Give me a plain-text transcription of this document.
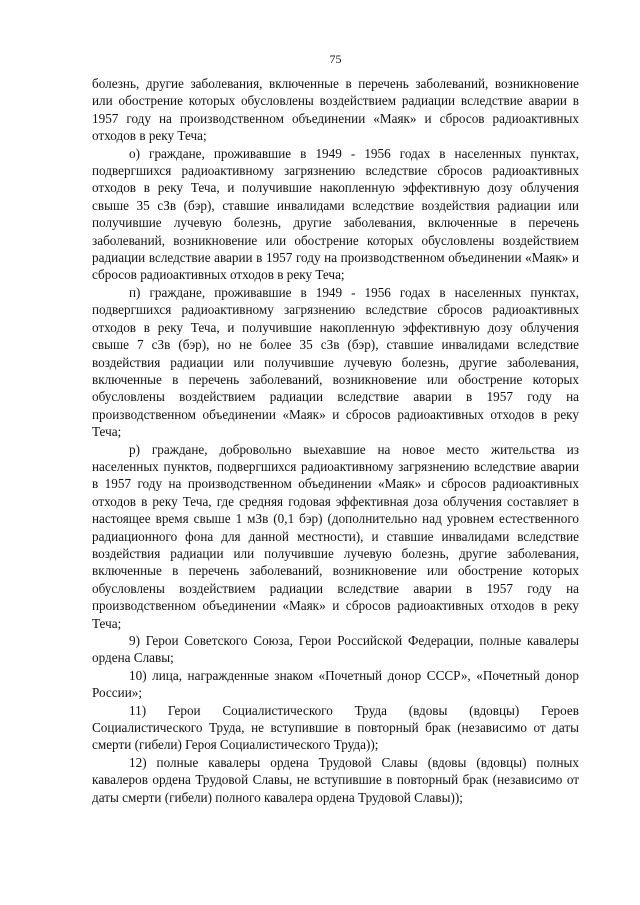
75

болезнь, другие заболевания, включенные в перечень заболеваний, возникновение или обострение которых обусловлены воздействием радиации вследствие аварии в 1957 году на производственном объединении «Маяк» и сбросов радиоактивных отходов в реку Теча;

о) граждане, проживавшие в 1949 - 1956 годах в населенных пунктах, подвергшихся радиоактивному загрязнению вследствие сбросов радиоактивных отходов в реку Теча, и получившие накопленную эффективную дозу облучения свыше 35 сЗв (бэр), ставшие инвалидами вследствие воздействия радиации или получившие лучевую болезнь, другие заболевания, включенные в перечень заболеваний, возникновение или обострение которых обусловлены воздействием радиации вследствие аварии в 1957 году на производственном объединении «Маяк» и сбросов радиоактивных отходов в реку Теча;

п) граждане, проживавшие в 1949 - 1956 годах в населенных пунктах, подвергшихся радиоактивному загрязнению вследствие сбросов радиоактивных отходов в реку Теча, и получившие накопленную эффективную дозу облучения свыше 7 сЗв (бэр), но не более 35 сЗв (бэр), ставшие инвалидами вследствие воздействия радиации или получившие лучевую болезнь, другие заболевания, включенные в перечень заболеваний, возникновение или обострение которых обусловлены воздействием радиации вследствие аварии в 1957 году на производственном объединении «Маяк» и сбросов радиоактивных отходов в реку Теча;

р) граждане, добровольно выехавшие на новое место жительства из населенных пунктов, подвергшихся радиоактивному загрязнению вследствие аварии в 1957 году на производственном объединении «Маяк» и сбросов радиоактивных отходов в реку Теча, где средняя годовая эффективная доза облучения составляет в настоящее время свыше 1 мЗв (0,1 бэр) (дополнительно над уровнем естественного радиационного фона для данной местности), и ставшие инвалидами вследствие воздействия радиации или получившие лучевую болезнь, другие заболевания, включенные в перечень заболеваний, возникновение или обострение которых обусловлены воздействием радиации вследствие аварии в 1957 году на производственном объединении «Маяк» и сбросов радиоактивных отходов в реку Теча;

9) Герои Советского Союза, Герои Российской Федерации, полные кавалеры ордена Славы;

10) лица, награжденные знаком «Почетный донор СССР», «Почетный донор России»;

11) Герои Социалистического Труда (вдовы (вдовцы) Героев Социалистического Труда, не вступившие в повторный брак (независимо от даты смерти (гибели) Героя Социалистического Труда));

12) полные кавалеры ордена Трудовой Славы (вдовы (вдовцы) полных кавалеров ордена Трудовой Славы, не вступившие в повторный брак (независимо от даты смерти (гибели) полного кавалера ордена Трудовой Славы));
